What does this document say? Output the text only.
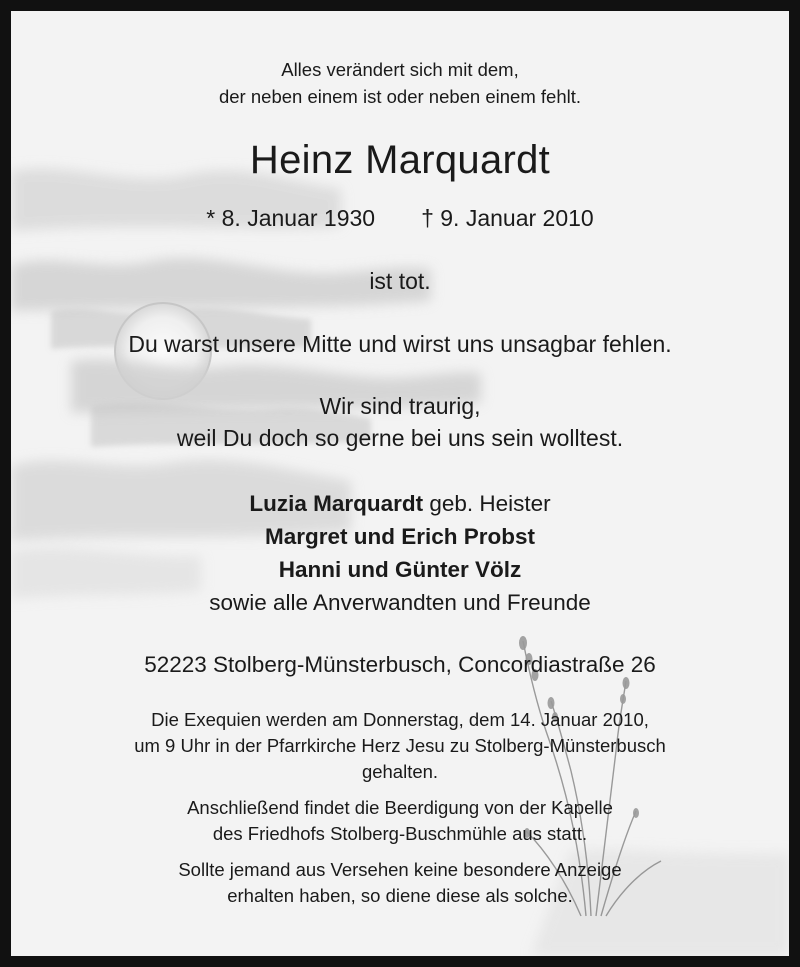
Alles verändert sich mit dem,
der neben einem ist oder neben einem fehlt.
Heinz Marquardt
* 8. Januar 1930 † 9. Januar 2010
ist tot.
Du warst unsere Mitte und wirst uns unsagbar fehlen.
Wir sind traurig,
weil Du doch so gerne bei uns sein wolltest.
Luzia Marquardt geb. Heister
Margret und Erich Probst
Hanni und Günter Völz
sowie alle Anverwandten und Freunde
52223 Stolberg-Münsterbusch, Concordiastraße 26
Die Exequien werden am Donnerstag, dem 14. Januar 2010,
um 9 Uhr in der Pfarrkirche Herz Jesu zu Stolberg-Münsterbusch
gehalten.
Anschließend findet die Beerdigung von der Kapelle
des Friedhofs Stolberg-Buschmühle aus statt.
Sollte jemand aus Versehen keine besondere Anzeige
erhalten haben, so diene diese als solche.
